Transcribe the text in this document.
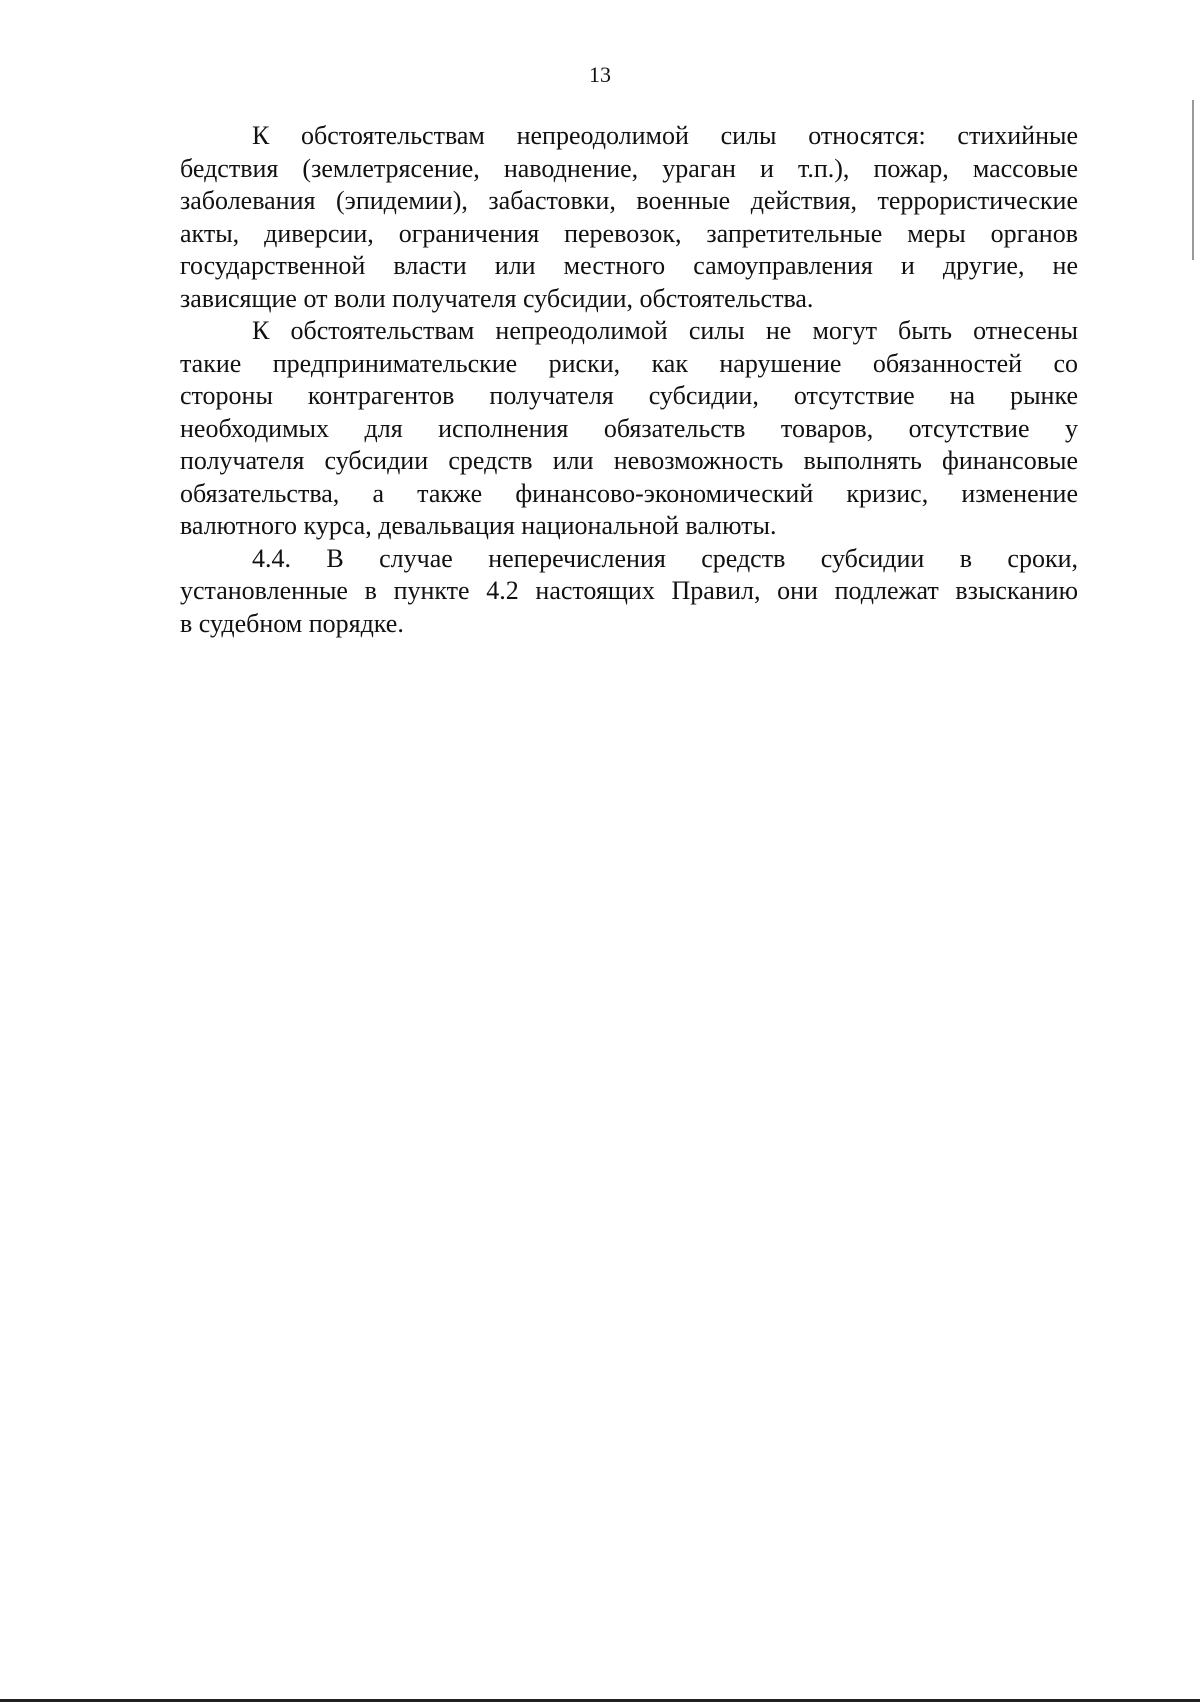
13

К обстоятельствам непреодолимой силы относятся: стихийные
бедствия (землетрясение, наводнение, ураган и т.п.), пожар, массовые
заболевания (эпидемии), забастовки, военные действия, террористические
акты, диверсии, ограничения перевозок, запретительные меры органов
государственной власти или местного самоуправления и другие, не
зависящие от воли получателя субсидии, обстоятельства.

К обстоятельствам непреодолимой силы не могут быть отнесены
такие предпринимательские риски, как нарушение обязанностей со
стороны контрагентов получателя субсидии, отсутствие на рынке
необходимых для исполнения обязательств товаров, отсутствие у
получателя субсидии средств или невозможность выполнять финансовые
обязательства, а также финансово-экономический кризис, изменение
валютного курса, девальвация национальной валюты.

4.4. В случае неперечисления средств субсидии в сроки,
установленные в пункте 4.2 настоящих Правил, они подлежат взысканию
в судебном порядке.
